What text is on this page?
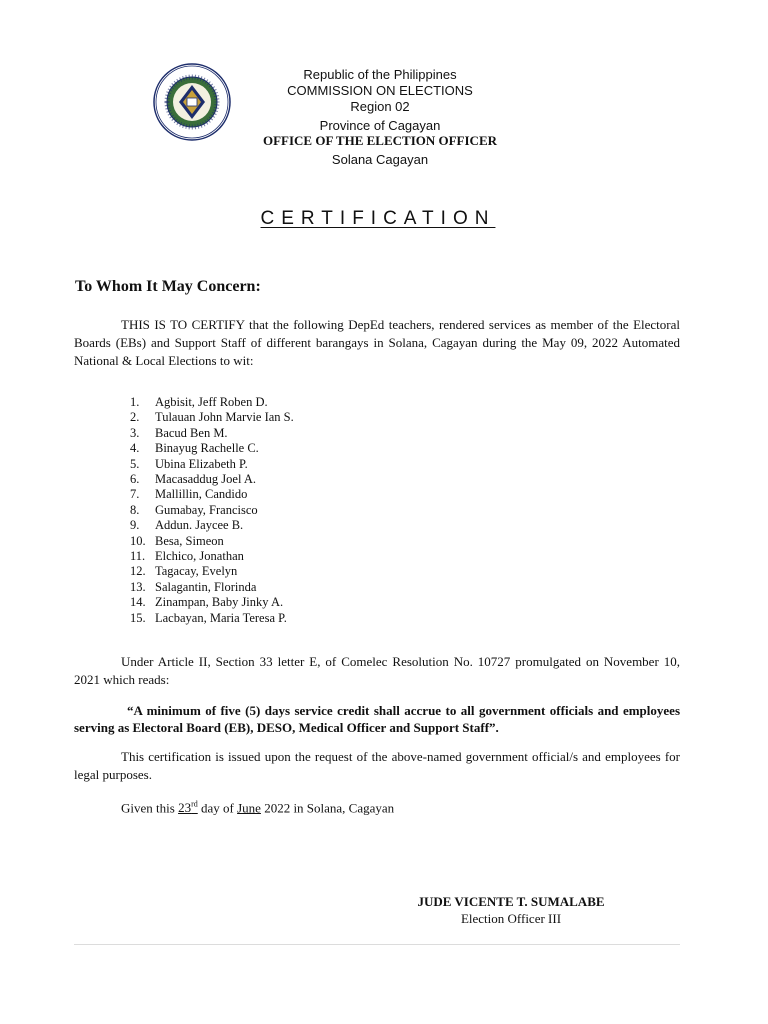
Republic of the Philippines
COMMISSION ON ELECTIONS
Region 02
Province of Cagayan
OFFICE OF THE ELECTION OFFICER
Solana Cagayan
CERTIFICATION
To Whom It May Concern:
THIS IS TO CERTIFY that the following DepEd teachers, rendered services as member of the Electoral Boards (EBs) and Support Staff of different barangays in Solana, Cagayan during the May 09, 2022 Automated National & Local Elections to wit:
1.	Agbisit, Jeff Roben D.
2.	Tulauan John Marvie Ian S.
3.	Bacud Ben M.
4.	Binayug Rachelle C.
5.	Ubina Elizabeth P.
6.	Macasaddug Joel A.
7.	Mallillin, Candido
8.	Gumabay, Francisco
9.	Addun. Jaycee B.
10. Besa, Simeon
11. Elchico, Jonathan
12. Tagacay, Evelyn
13. Salagantin, Florinda
14. Zinampan, Baby Jinky A.
15. Lacbayan, Maria Teresa P.
Under Article II, Section 33 letter E, of Comelec Resolution No. 10727 promulgated on November 10, 2021 which reads:
“A minimum of five (5) days service credit shall accrue to all government officials and employees serving as Electoral Board (EB), DESO, Medical Officer and Support Staff”.
This certification is issued upon the request of the above-named government official/s and employees for legal purposes.
Given this 23rd day of June 2022 in Solana, Cagayan
JUDE VICENTE T. SUMALABE
Election Officer III
